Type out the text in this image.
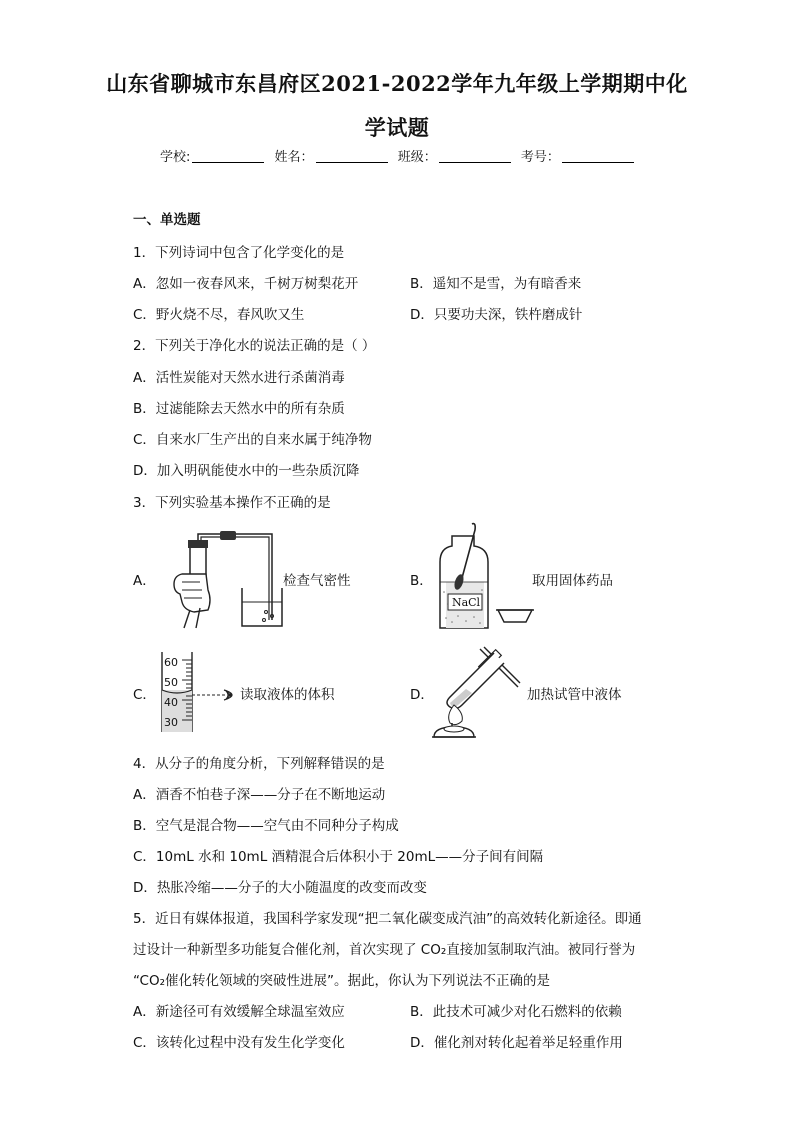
山东省聊城市东昌府区2021-2022学年九年级上学期期中化
学试题
学校:	姓名：	班级：	考号：
一、单选题
1．下列诗词中包含了化学变化的是
A．忽如一夜春风来，千树万树梨花开	B．遥知不是雪，为有暗香来
C．野火烧不尽，春风吹又生	D．只要功夫深，铁杵磨成针
2．下列关于净化水的说法正确的是（ ）
A．活性炭能对天然水进行杀菌消毒
B．过滤能除去天然水中的所有杂质
C．自来水厂生产出的自来水属于纯净物
D．加入明矾能使水中的一些杂质沉降
3．下列实验基本操作不正确的是
A．	检查气密性	B．
NaCl
取用固体药品
C．
60
50
40
30
读取液体的体积	D．	加热试管中液体
4．从分子的角度分析，下列解释错误的是
A．酒香不怕巷子深——分子在不断地运动
B．空气是混合物——空气由不同种分子构成
C．10mL 水和 10mL 酒精混合后体积小于 20mL——分子间有间隔
D．热胀冷缩——分子的大小随温度的改变而改变
5．近日有媒体报道，我国科学家发现“把二氧化碳变成汽油”的高效转化新途径。即通
过设计一种新型多功能复合催化剂，首次实现了 CO₂直接加氢制取汽油。被同行誉为
“CO₂催化转化领域的突破性进展”。据此，你认为下列说法不正确的是
A．新途径可有效缓解全球温室效应	B．此技术可减少对化石燃料的依赖
C．该转化过程中没有发生化学变化	D．催化剂对转化起着举足轻重作用
